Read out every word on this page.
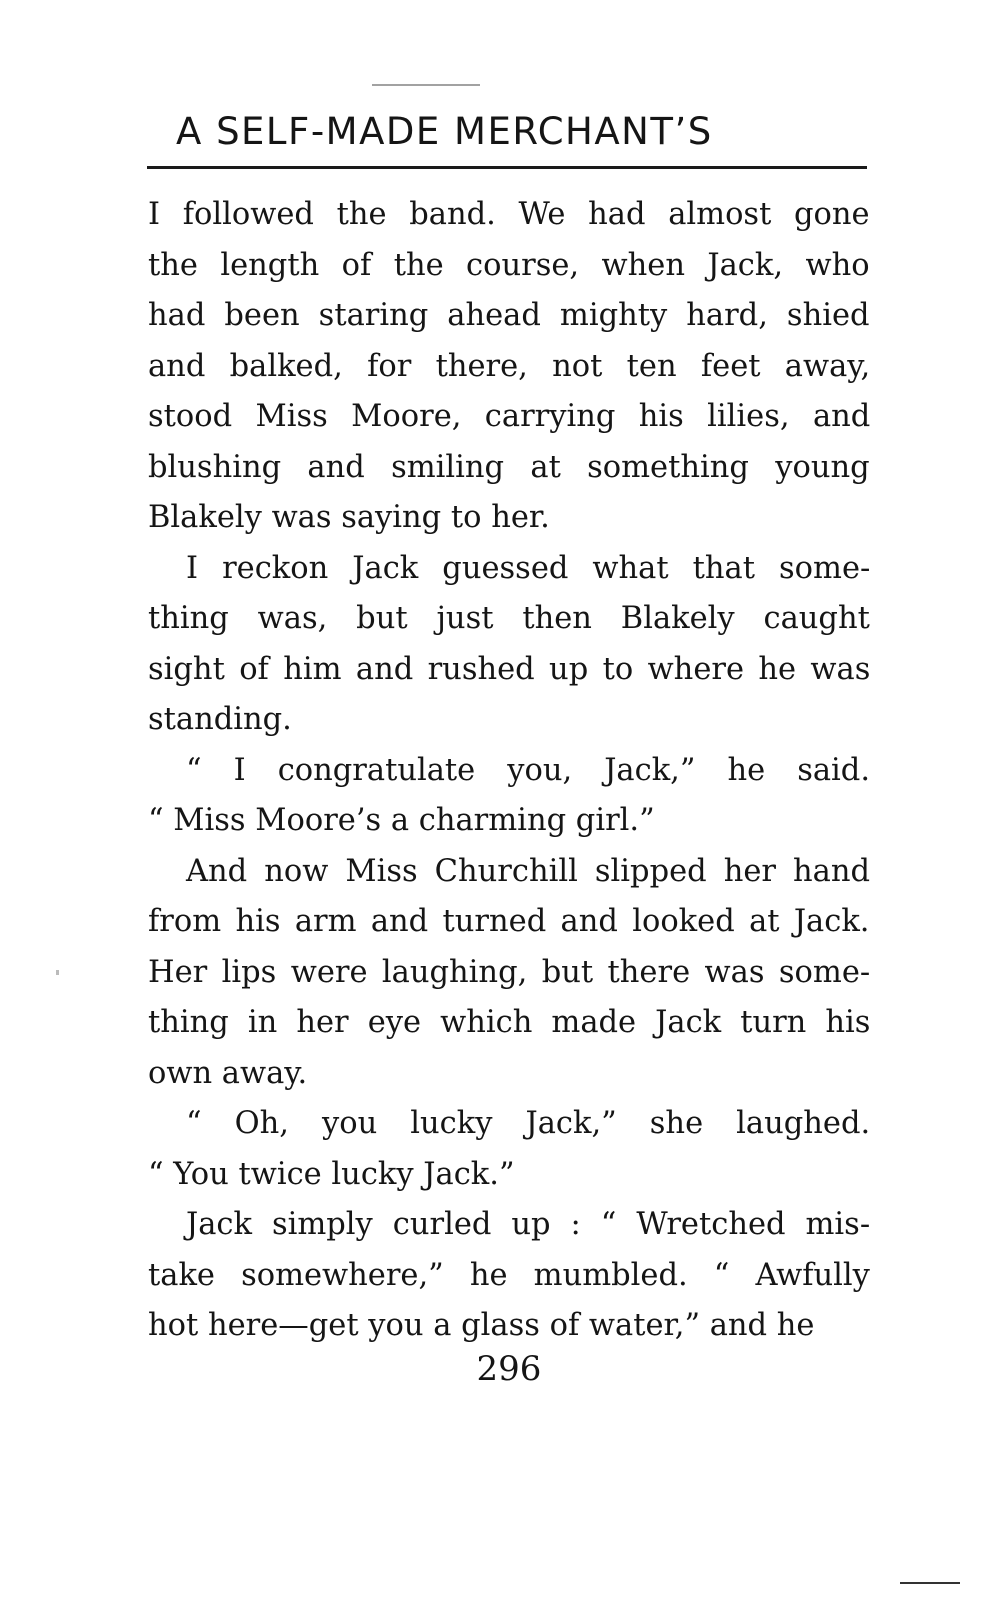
A SELF-MADE MERCHANT’S

I followed the band. We had almost gone
the length of the course, when Jack, who
had been staring ahead mighty hard, shied
and balked, for there, not ten feet away,
stood Miss Moore, carrying his lilies, and
blushing and smiling at something young
Blakely was saying to her.

I reckon Jack guessed what that some-
thing was, but just then Blakely caught
sight of him and rushed up to where he was
standing.

“ I congratulate you, Jack,” he said.
“ Miss Moore’s a charming girl.”

And now Miss Churchill slipped her hand
from his arm and turned and looked at Jack.
Her lips were laughing, but there was some-
thing in her eye which made Jack turn his
own away.

“ Oh, you lucky Jack,” she laughed.
“ You twice lucky Jack.”

Jack simply curled up : “ Wretched mis-
take somewhere,” he mumbled. “ Awfully
hot here—get you a glass of water,” and he

296
